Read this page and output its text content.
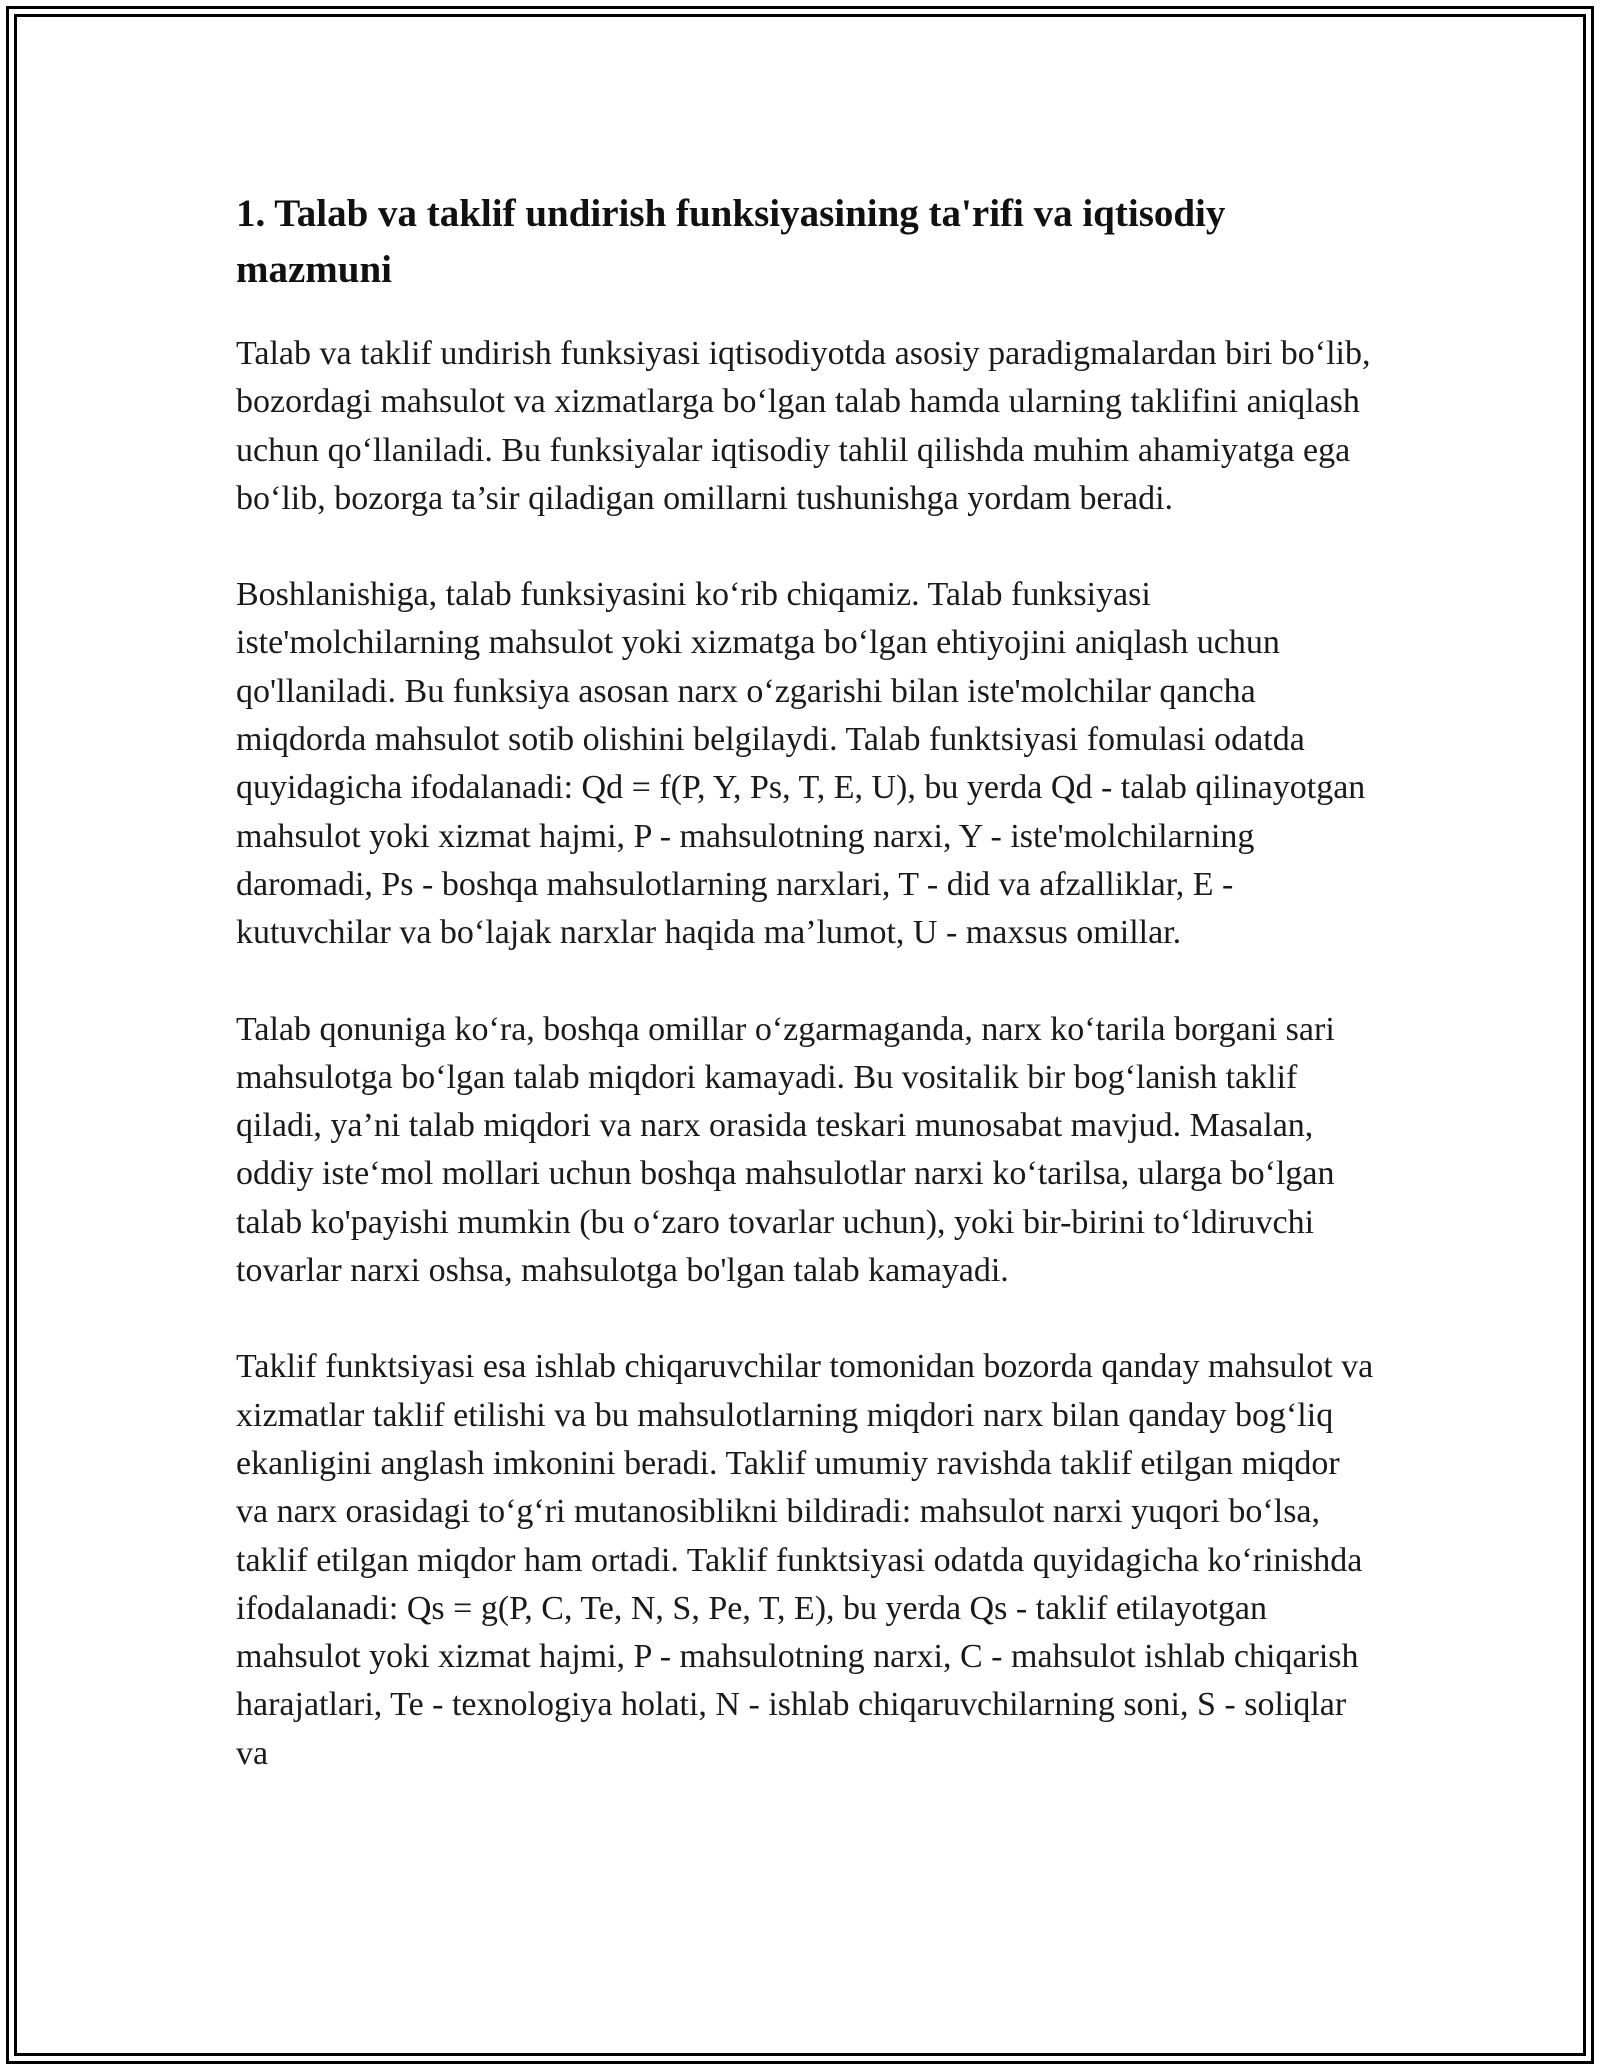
1. Talab va taklif undirish funksiyasining ta'rifi va iqtisodiy mazmuni

Talab va taklif undirish funksiyasi iqtisodiyotda asosiy paradigmalardan biri bo‘lib, bozordagi mahsulot va xizmatlarga bo‘lgan talab hamda ularning taklifini aniqlash uchun qo‘llaniladi. Bu funksiyalar iqtisodiy tahlil qilishda muhim ahamiyatga ega bo‘lib, bozorga ta’sir qiladigan omillarni tushunishga yordam beradi.

Boshlanishiga, talab funksiyasini ko‘rib chiqamiz. Talab funksiyasi iste'molchilarning mahsulot yoki xizmatga bo‘lgan ehtiyojini aniqlash uchun qo'llaniladi. Bu funksiya asosan narx o‘zgarishi bilan iste'molchilar qancha miqdorda mahsulot sotib olishini belgilaydi. Talab funktsiyasi fomulasi odatda quyidagicha ifodalanadi: Qd = f(P, Y, Ps, T, E, U), bu yerda Qd - talab qilinayotgan mahsulot yoki xizmat hajmi, P - mahsulotning narxi, Y - iste'molchilarning daromadi, Ps - boshqa mahsulotlarning narxlari, T - did va afzalliklar, E - kutuvchilar va bo‘lajak narxlar haqida ma’lumot, U - maxsus omillar.

Talab qonuniga ko‘ra, boshqa omillar o‘zgarmaganda, narx ko‘tarila borgani sari mahsulotga bo‘lgan talab miqdori kamayadi. Bu vositalik bir bog‘lanish taklif qiladi, ya’ni talab miqdori va narx orasida teskari munosabat mavjud. Masalan, oddiy iste‘mol mollari uchun boshqa mahsulotlar narxi ko‘tarilsa, ularga bo‘lgan talab ko'payishi mumkin (bu o‘zaro tovarlar uchun), yoki bir-birini to‘ldiruvchi tovarlar narxi oshsa, mahsulotga bo'lgan talab kamayadi.

Taklif funktsiyasi esa ishlab chiqaruvchilar tomonidan bozorda qanday mahsulot va xizmatlar taklif etilishi va bu mahsulotlarning miqdori narx bilan qanday bog‘liq ekanligini anglash imkonini beradi. Taklif umumiy ravishda taklif etilgan miqdor va narx orasidagi to‘g‘ri mutanosiblikni bildiradi: mahsulot narxi yuqori bo‘lsa, taklif etilgan miqdor ham ortadi. Taklif funktsiyasi odatda quyidagicha ko‘rinishda ifodalanadi: Qs = g(P, C, Te, N, S, Pe, T, E), bu yerda Qs - taklif etilayotgan mahsulot yoki xizmat hajmi, P - mahsulotning narxi, C - mahsulot ishlab chiqarish harajatlari, Te - texnologiya holati, N - ishlab chiqaruvchilarning soni, S - soliqlar va
